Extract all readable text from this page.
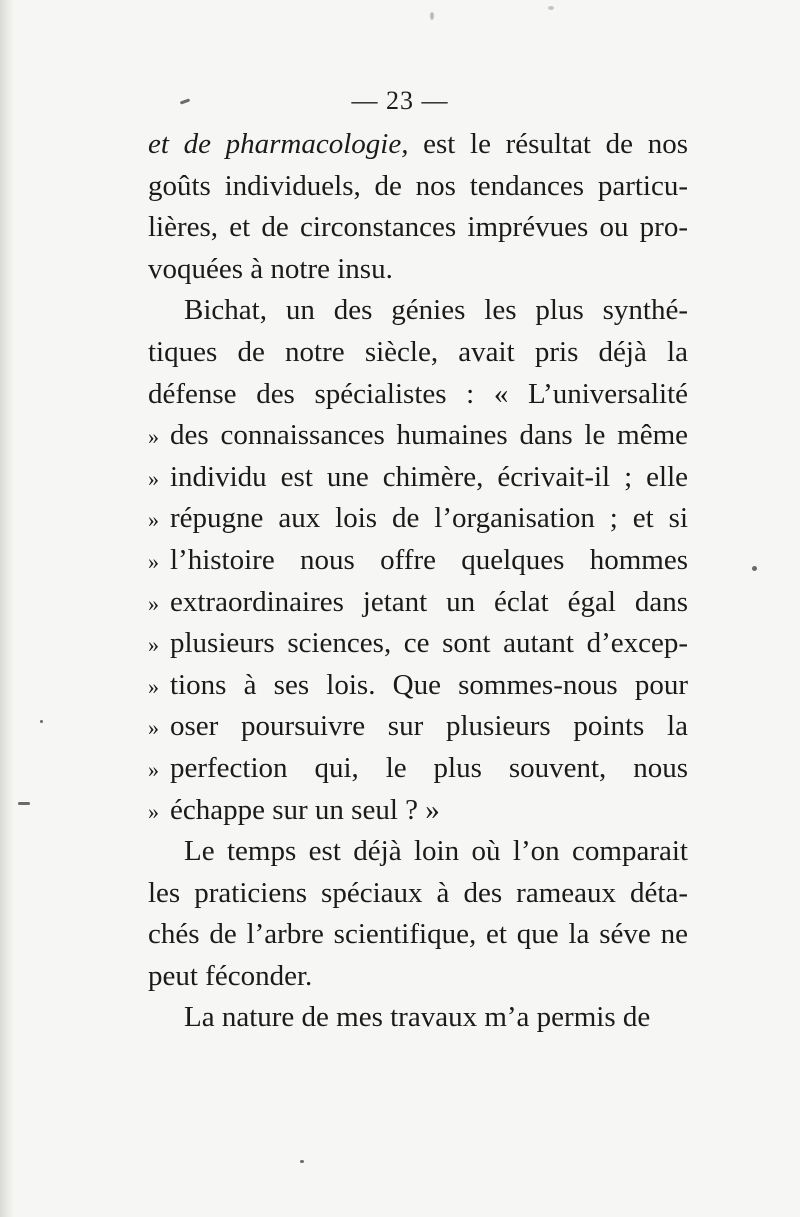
— 23 —
et de pharmacologie, est le résultat de nos
goûts individuels, de nos tendances particu-
lières, et de circonstances imprévues ou pro-
voquées à notre insu.
Bichat, un des génies les plus synthé-
tiques de notre siècle, avait pris déjà la
défense des spécialistes : « L’universalité
» des connaissances humaines dans le même
» individu est une chimère, écrivait-il ; elle
» répugne aux lois de l’organisation ; et si
» l’histoire nous offre quelques hommes
» extraordinaires jetant un éclat égal dans
» plusieurs sciences, ce sont autant d’excep-
» tions à ses lois. Que sommes-nous pour
» oser poursuivre sur plusieurs points la
» perfection qui, le plus souvent, nous
» échappe sur un seul ? »
Le temps est déjà loin où l’on comparait
les praticiens spéciaux à des rameaux déta-
chés de l’arbre scientifique, et que la séve ne
peut féconder.
La nature de mes travaux m’a permis de
